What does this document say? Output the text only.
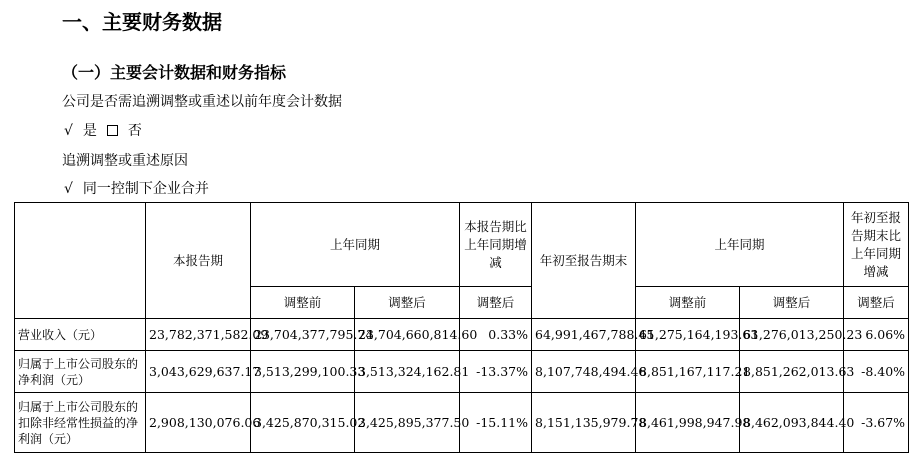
一、主要财务数据
（一）主要会计数据和财务指标
公司是否需追溯调整或重述以前年度会计数据
√ 是 否
追溯调整或重述原因
√ 同一控制下企业合并
	本报告期	上年同期		本报告期比上年同期增减	年初至报告期末	上年同期		年初至报告期末比上年同期增减
		调整前	调整后	调整后		调整前	调整后	调整后
营业收入（元）	23,782,371,582.09	23,704,377,795.74	23,704,660,814.60	0.33%	64,991,467,788.45	61,275,164,193.63	61,276,013,250.23	6.06%
归属于上市公司股东的净利润（元）	3,043,629,637.17	3,513,299,100.33	3,513,324,162.81	-13.37%	8,107,748,494.46	8,851,167,117.21	8,851,262,013.63	-8.40%
归属于上市公司股东的扣除非经常性损益的净利润（元）	2,908,130,076.06	3,425,870,315.02	3,425,895,377.50	-15.11%	8,151,135,979.78	8,461,998,947.98	8,462,093,844.40	-3.67%
